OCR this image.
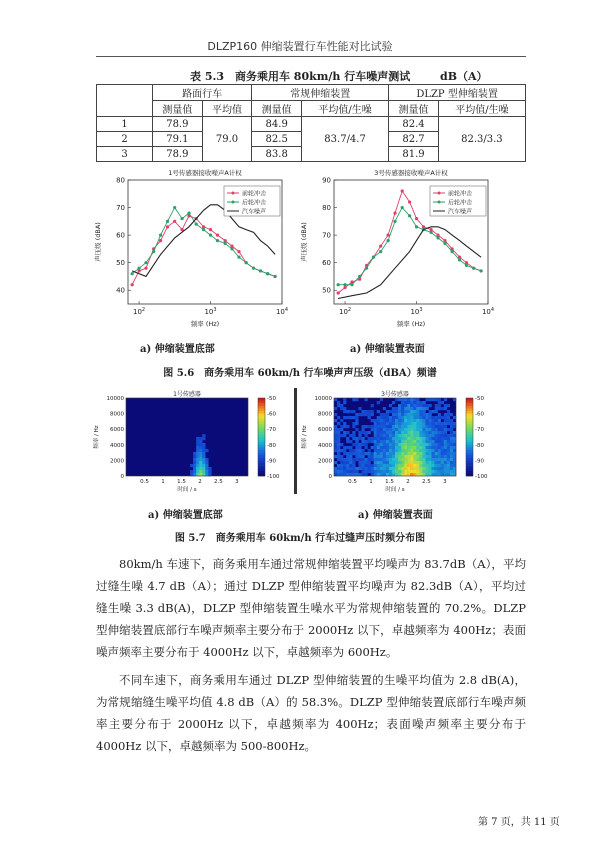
DLZP160 伸缩装置行车性能对比试验
表 5.3　商务乘用车 80km/h 行车噪声测试	dB（A）
	路面行车		常规伸缩装置		DLZP 型伸缩装置	
	测量值	平均值	测量值	平均值/生噪	测量值	平均值/生噪
1	78.9	79.0	84.9	83.7/4.7	82.4	82.3/3.3
2	79.1		82.5		82.7	
3	78.9		83.8		81.9	
1号传感器接收噪声A计权
40
50
60
70
80
$10^2$	$10^3$	$10^4$
频率 (Hz)
声压级 (dBA)
前轮冲击
后轮冲击
汽车噪声
3号传感器接收噪声A计权
50
60
70
80
90
$10^2$	$10^3$	$10^4$
频率 (Hz)
声压级 (dBA)
前轮冲击
后轮冲击
汽车噪声
a) 伸缩装置底部	a) 伸缩装置表面
图 5.6　商务乘用车 60km/h 行车噪声声压级（dBA）频谱
1号传感器
0
2000
4000
6000
8000
10000
0.5 1 1.5 2 2.5 3
时间 / s
频率 / Hz
-50
-60
-70
-80
-90
-100
3号传感器
0
2000
4000
6000
8000
10000
0.5 1 1.5 2 2.5 3
时间 / s
频率 / Hz
-50
-60
-70
-80
-90
-100
a) 伸缩装置底部	a) 伸缩装置表面
图 5.7　商务乘用车 60km/h 行车过缝声压时频分布图

80km/h 车速下，商务乘用车通过常规伸缩装置平均噪声为 83.7dB（A），平均过缝生噪 4.7 dB（A）；通过 DLZP 型伸缩装置平均噪声为 82.3dB（A），平均过缝生噪 3.3 dB(A)，DLZP 型伸缩装置生噪水平为常规伸缩装置的 70.2%。DLZP 型伸缩装置底部行车噪声频率主要分布于 2000Hz 以下，卓越频率为 400Hz；表面噪声频率主要分布于 4000Hz 以下，卓越频率为 600Hz。

不同车速下，商务乘用车通过 DLZP 型伸缩装置的生噪平均值为 2.8 dB(A)，为常规缩缝生噪平均值 4.8 dB（A）的 58.3%。DLZP 型伸缩装置底部行车噪声频率主要分布于 2000Hz 以下，卓越频率为 400Hz；表面噪声频率主要分布于 4000Hz 以下，卓越频率为 500-800Hz。

第 7 页，共 11 页
